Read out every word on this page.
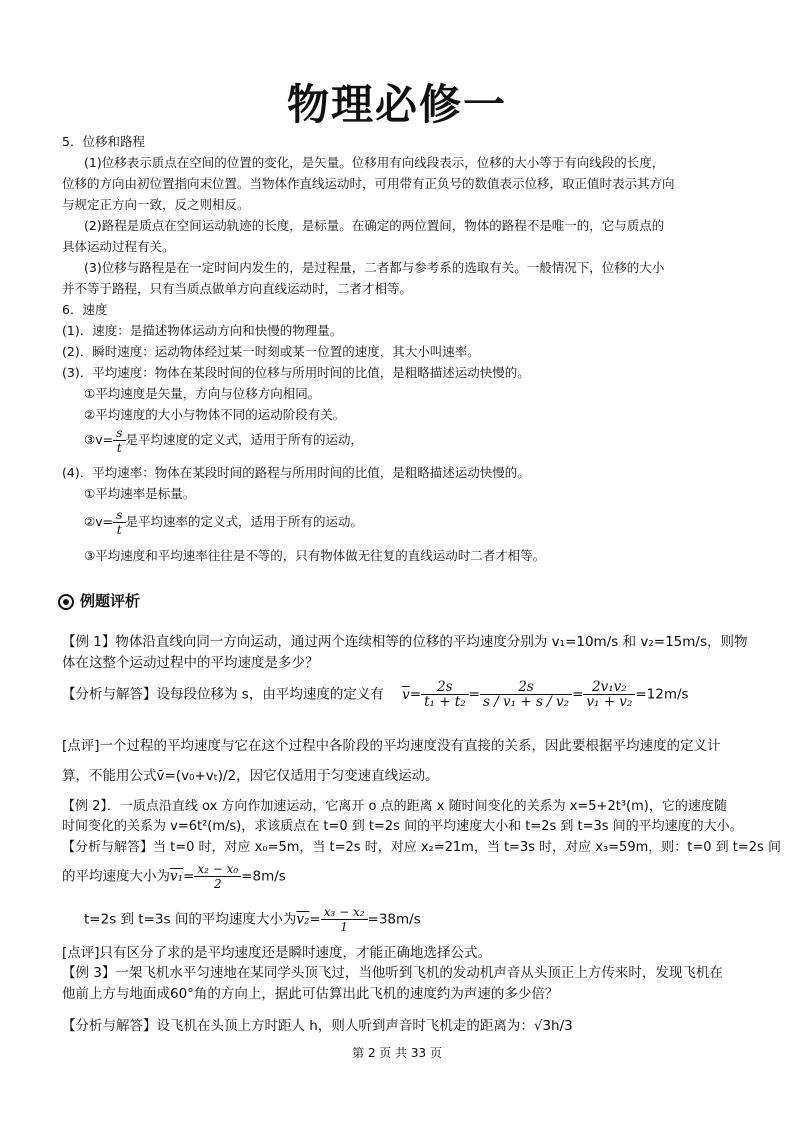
物理必修一
5．位移和路程
(1)位移表示质点在空间的位置的变化，是矢量。位移用有向线段表示，位移的大小等于有向线段的长度，
位移的方向由初位置指向末位置。当物体作直线运动时，可用带有正负号的数值表示位移，取正值时表示其方向
与规定正方向一致，反之则相反。
(2)路程是质点在空间运动轨迹的长度，是标量。在确定的两位置间，物体的路程不是唯一的，它与质点的
具体运动过程有关。
(3)位移与路程是在一定时间内发生的，是过程量，二者都与参考系的选取有关。一般情况下，位移的大小
并不等于路程，只有当质点做单方向直线运动时，二者才相等。
6．速度
(1)．速度：是描述物体运动方向和快慢的物理量。
(2)．瞬时速度：运动物体经过某一时刻或某一位置的速度，其大小叫速率。
(3)．平均速度：物体在某段时间的位移与所用时间的比值，是粗略描述运动快慢的。
①平均速度是矢量，方向与位移方向相同。
②平均速度的大小与物体不同的运动阶段有关。
③v= $\frac{s}{t}$ 是平均速度的定义式，适用于所有的运动，
(4)．平均速率：物体在某段时间的路程与所用时间的比值，是粗略描述运动快慢的。
①平均速率是标量。
②v= $\frac{s}{t}$ 是平均速率的定义式，适用于所有的运动。
③平均速度和平均速率往往是不等的，只有物体做无往复的直线运动时二者才相等。
例题评析
【例 1】物体沿直线向同一方向运动，通过两个连续相等的位移的平均速度分别为 v₁=10m/s 和 v₂=15m/s，则物
体在这整个运动过程中的平均速度是多少？
【分析与解答】设每段位移为 s，由平均速度的定义有 $\overline{v}= \frac{2s}{\text{t₁ + t₂}} = \frac{2s}{\text{s / v₁ + s / v₂}} = \frac{\text{2v₁v₂}}{\text{v₁ + v₂}} =12m/s$
[点评]一个过程的平均速度与它在这个过程中各阶段的平均速度没有直接的关系，因此要根据平均速度的定义计
算，不能用公式v̄=(v₀+vₜ)/2，因它仅适用于匀变速直线运动。
【例 2】．一质点沿直线 ox 方向作加速运动，它离开 o 点的距离 x 随时间变化的关系为 x=5+2t³(m)，它的速度随
时间变化的关系为 v=6t²(m/s)，求该质点在 t=0 到 t=2s 间的平均速度大小和 t=2s 到 t=3s 间的平均速度的大小。
【分析与解答】当 t=0 时，对应 x₀=5m，当 t=2s 时，对应 x₂=21m，当 t=3s 时，对应 x₃=59m，则：t=0 到 t=2s 间
的平均速度大小为$v_1= \frac{\text{x₂ − x₀}}{2} =8m/s$
t=2s 到 t=3s 间的平均速度大小为$v_2= \frac{\text{x₃ − x₂}}{1} =38m/s$
[点评]只有区分了求的是平均速度还是瞬时速度，才能正确地选择公式。
【例 3】一架飞机水平匀速地在某同学头顶飞过，当他听到飞机的发动机声音从头顶正上方传来时，发现飞机在
他前上方与地面成60°角的方向上，据此可估算出此飞机的速度约为声速的多少倍？
【分析与解答】设飞机在头顶上方时距人 h，则人听到声音时飞机走的距离为：√3h/3
第 2 页 共 33 页
